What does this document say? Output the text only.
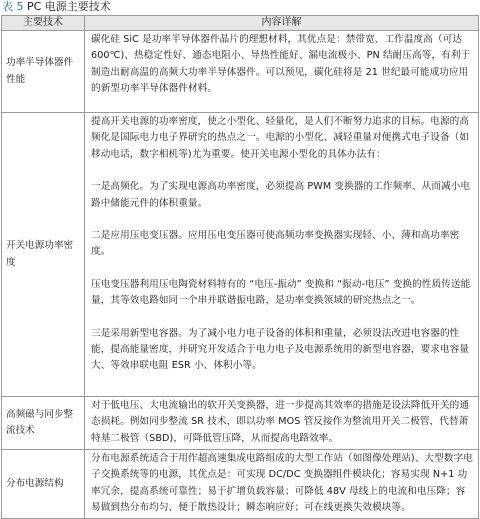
表 5 PC 电源主要技术
主要技术	内容详解
功率半导体器件性能	碳化硅 SiC 是功率半导体器件晶片的理想材料，其优点是：禁带宽、工作温度高（可达 600℃)、热稳定性好、通态电阻小、导热性能好、漏电流极小、PN 结耐压高等，有利于制造出耐高温的高频大功率半导体器件。可以预见，碳化硅将是 21 世纪最可能成功应用的新型功率半导体器件材料。

开关电源功率密度	提高开关电源的功率密度，使之小型化、轻量化，是人们不断努力追求的目标。电源的高频化是国际电力电子界研究的热点之一。电源的小型化、减轻重量对便携式电子设备（如移动电话，数字相机等)尤为重要。使开关电源小型化的具体办法有：

一是高频化。为了实现电源高功率密度，必须提高 PWM 变换器的工作频率、从而减小电路中储能元件的体积重量。

二是应用压电变压器。应用压电变压器可使高频功率变换器实现轻、小、薄和高功率密度。

压电变压器利用压电陶瓷材料特有的 “电压-振动” 变换和 “振动-电压” 变换的性质传送能量，其等效电路如同一个串并联谐振电路，是功率变换领域的研究热点之一。

三是采用新型电容器。为了减小电力电子设备的体积和重量，必须设法改进电容器的性能，提高能量密度，并研究开发适合于电力电子及电源系统用的新型电容器，要求电容量大、等效串联电阻 ESR 小、体积小等。

高频磁与同步整流技术	对于低电压、大电流输出的软开关变换器，进一步提高其效率的措施是设法降低开关的通态损耗。例如同步整流 SR 技术，即以功率 MOS 管反接作为整流用开关二极管，代替萧特基二极管（SBD)，可降低管压降，从而提高电路效率。

分布电源结构	分布电源系统适合于用作超高速集成电路组成的大型工作站（如图像处理站)、大型数字电子交换系统等的电源，其优点是：可实现 DC/DC 变换器组件模块化；容易实现 N+1 功率冗余，提高系统可靠性；易于扩增负载容量；可降低 48V 母线上的电流和电压降；容易做到热分布均匀、便于散热设计；瞬态响应好；可在线更换失效模块等。
